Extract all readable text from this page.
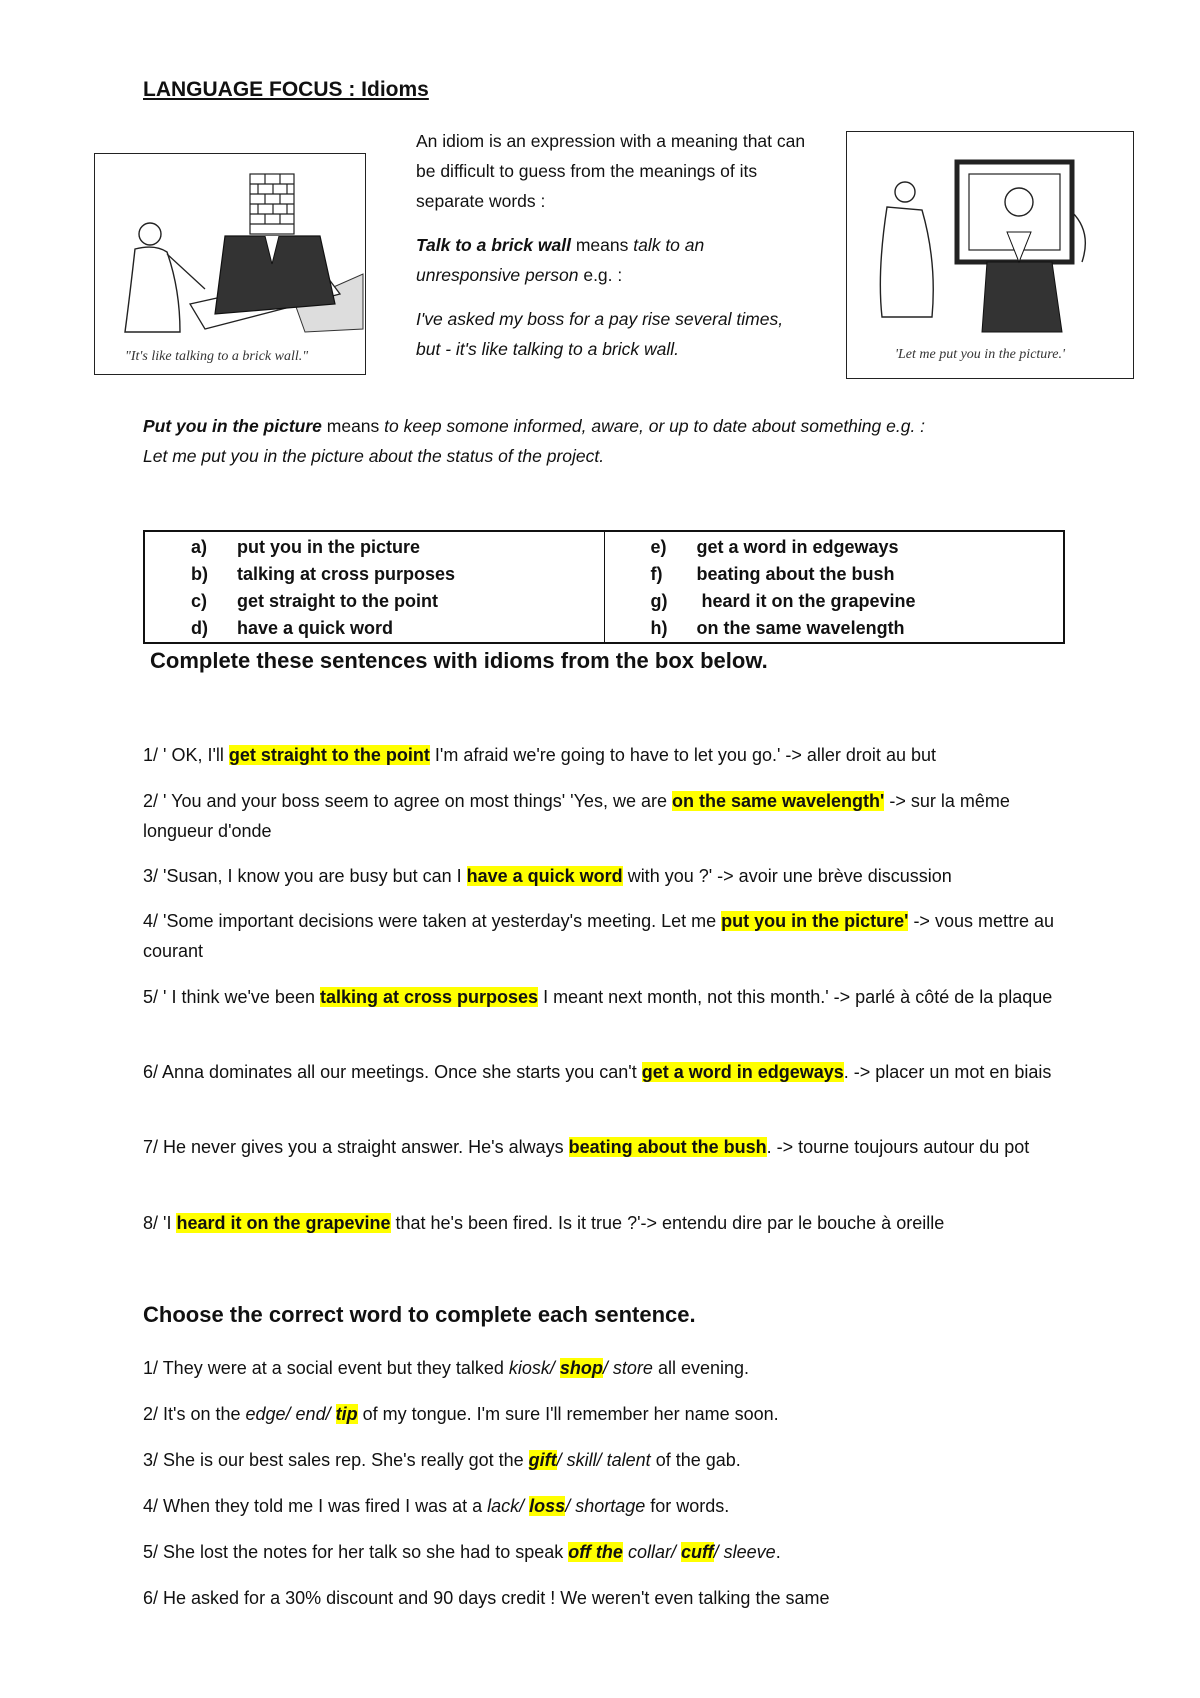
LANGUAGE FOCUS : Idioms
"It's like talking to a brick wall."

An idiom is an expression with a meaning that can be difficult to guess from the meanings of its separate words :

Talk to a brick wall means talk to an unresponsive person e.g. :

I've asked my boss for a pay rise several times, but - it's like talking to a brick wall.	'Let me put you in the picture.'
Put you in the picture means to keep somone informed, aware, or up to date about something e.g. :
Let me put you in the picture about the status of the project.
a) put you in the picture
b) talking at cross purposes
c) get straight to the point
d) have a quick word

e) get a word in edgeways
f) beating about the bush
g) heard it on the grapevine
h) on the same wavelength
Complete these sentences with idioms from the box below.
1/ ' OK, I'll get straight to the point I'm afraid we're going to have to let you go.' -> aller droit au but
2/ ' You and your boss seem to agree on most things' 'Yes, we are on the same wavelength' -> sur la même longueur d'onde
3/ 'Susan, I know you are busy but can I have a quick word with you ?' -> avoir une brève discussion
4/ 'Some important decisions were taken at yesterday's meeting. Let me put you in the picture' -> vous mettre au courant
5/ ' I think we've been talking at cross purposes I meant next month, not this month.' -> parlé à côté de la plaque
6/ Anna dominates all our meetings. Once she starts you can't get a word in edgeways. -> placer un mot en biais
7/ He never gives you a straight answer. He's always beating about the bush. -> tourne toujours autour du pot
8/ 'I heard it on the grapevine that he's been fired. Is it true ?'-> entendu dire par le bouche à oreille
Choose the correct word to complete each sentence.
1/ They were at a social event but they talked kiosk/ shop/ store all evening.
2/ It's on the edge/ end/ tip of my tongue. I'm sure I'll remember her name soon.
3/ She is our best sales rep. She's really got the gift/ skill/ talent of the gab.
4/ When they told me I was fired I was at a lack/ loss/ shortage for words.
5/ She lost the notes for her talk so she had to speak off the collar/ cuff/ sleeve.
6/ He asked for a 30% discount and 90 days credit ! We weren't even talking the same
